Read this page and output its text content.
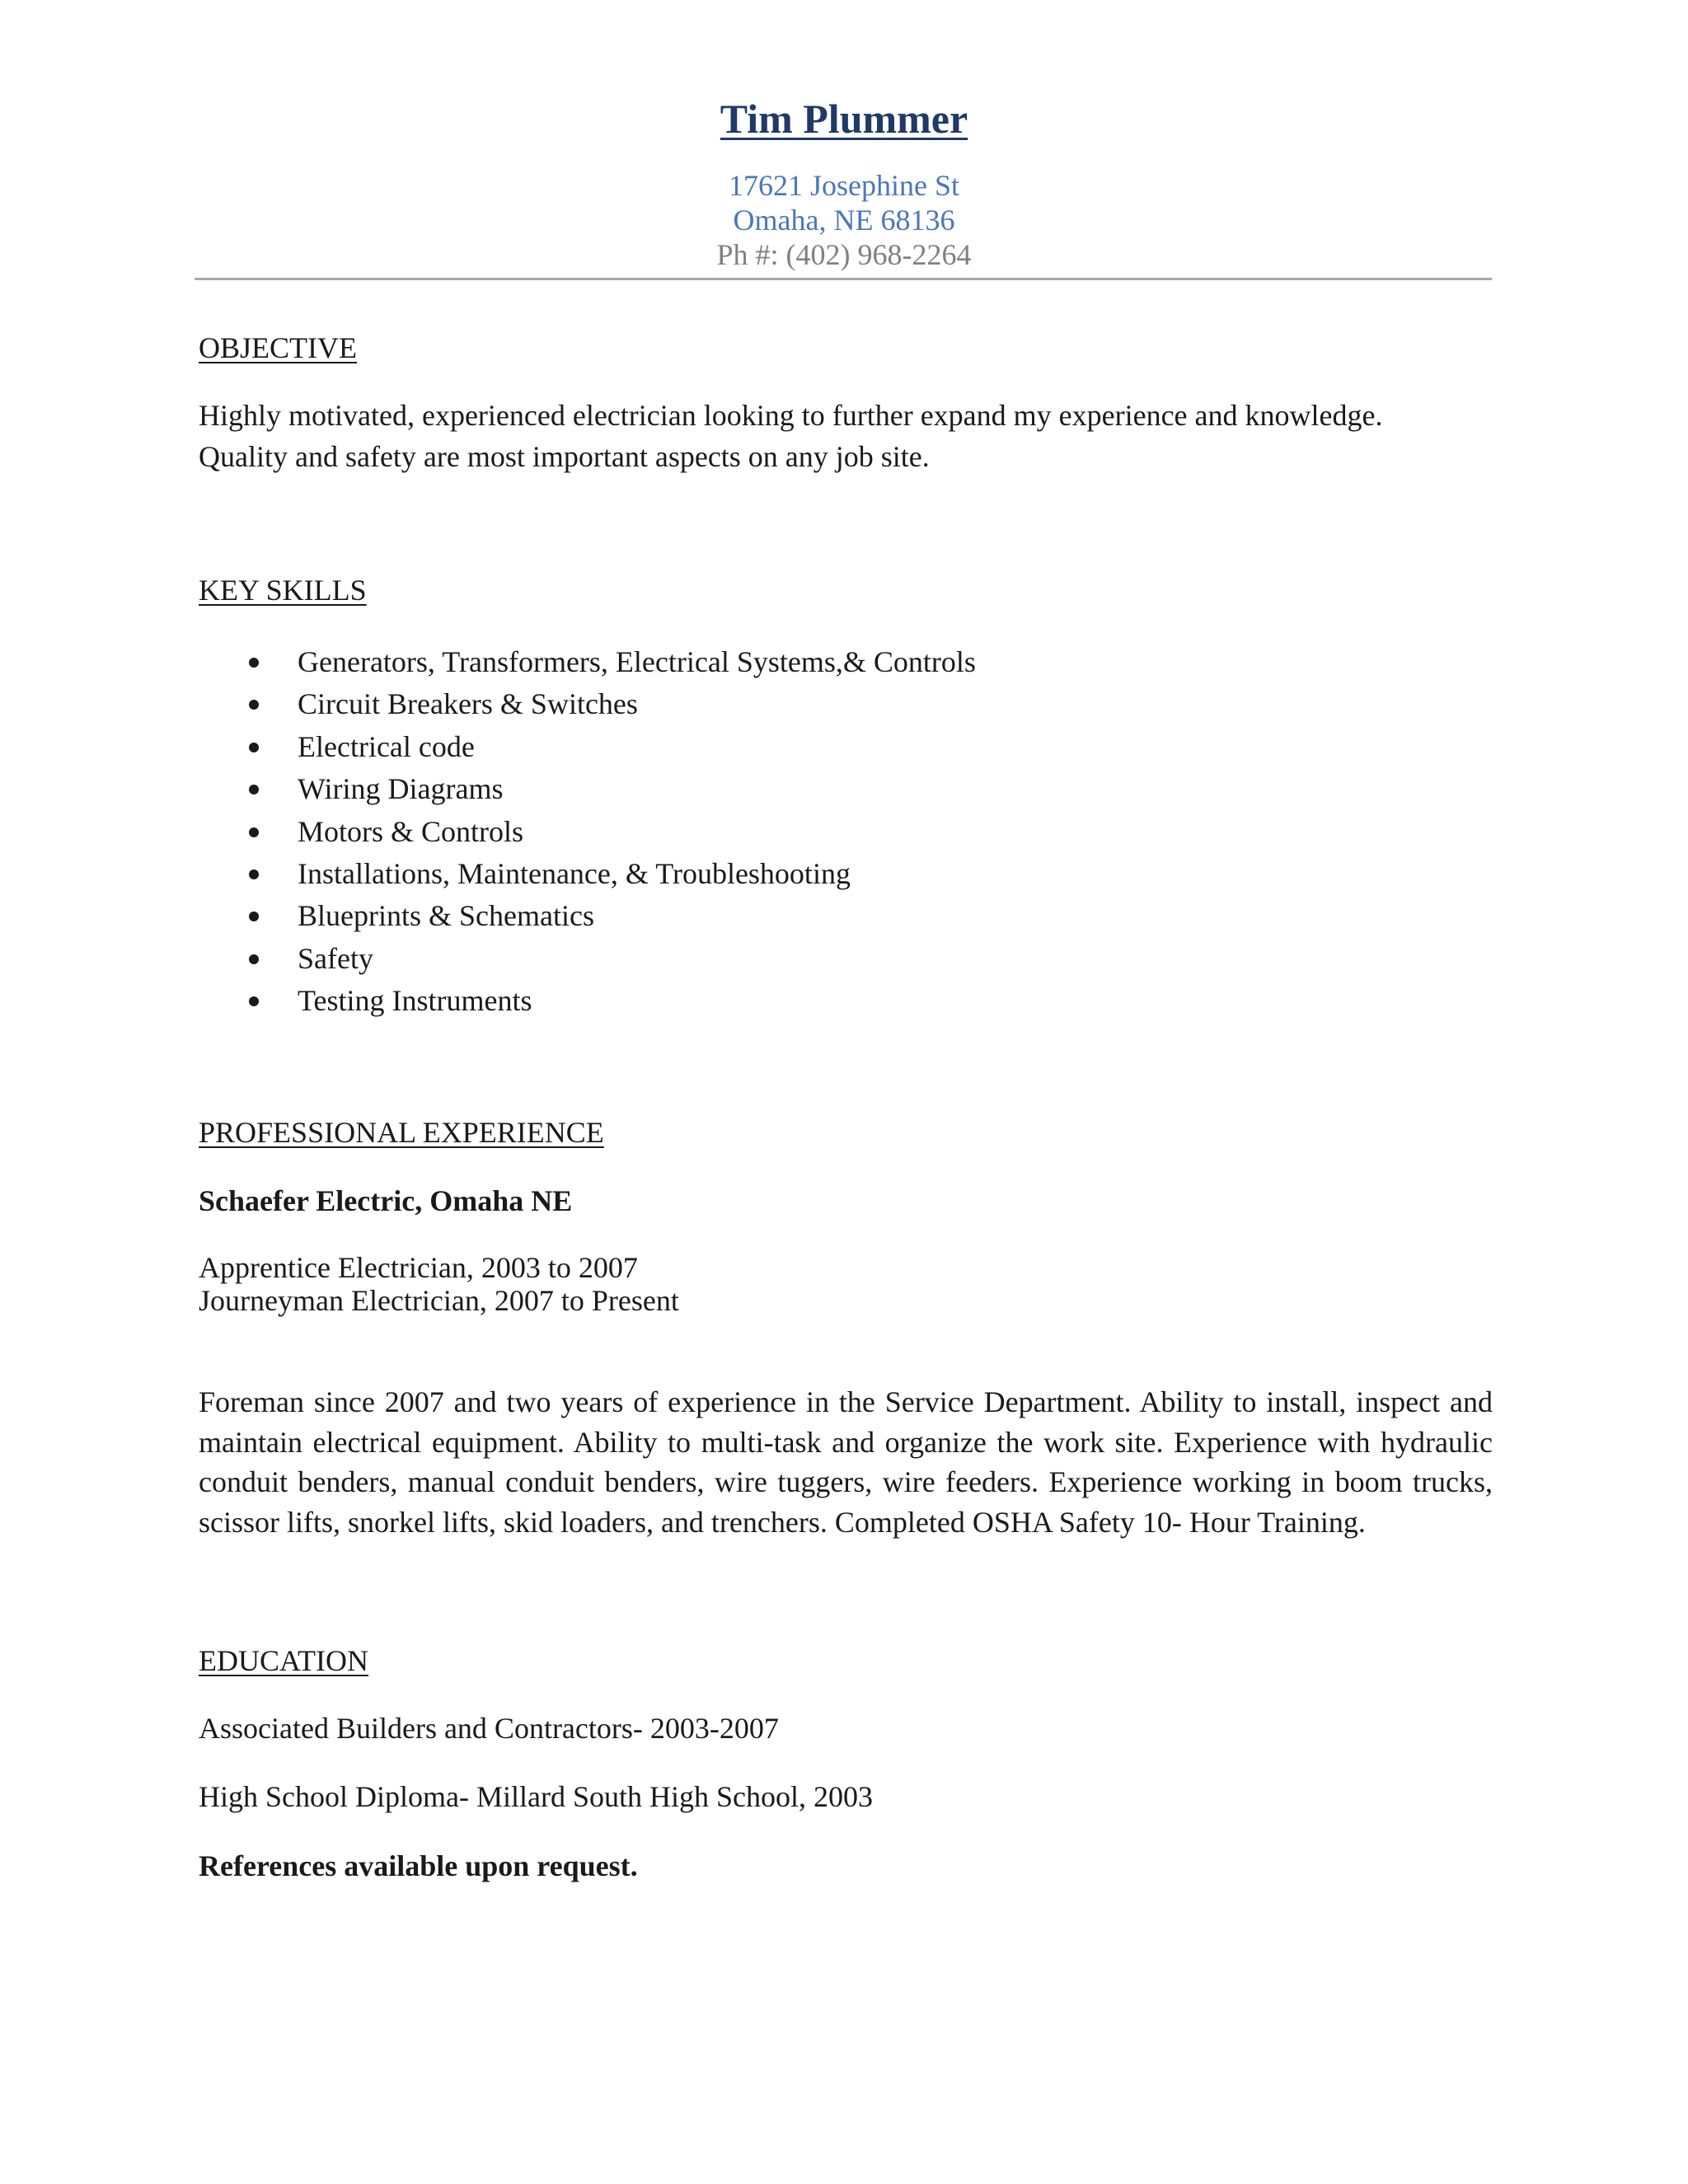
Tim Plummer
17621 Josephine St
Omaha, NE 68136
Ph #: (402) 968-2264
OBJECTIVE
Highly motivated, experienced electrician looking to further expand my experience and knowledge.
Quality and safety are most important aspects on any job site.
KEY SKILLS
Generators, Transformers, Electrical Systems,& Controls
Circuit Breakers & Switches
Electrical code
Wiring Diagrams
Motors & Controls
Installations, Maintenance, & Troubleshooting
Blueprints & Schematics
Safety
Testing Instruments
PROFESSIONAL EXPERIENCE
Schaefer Electric, Omaha NE
Apprentice Electrician, 2003 to 2007
Journeyman Electrician, 2007 to Present
Foreman since 2007 and two years of experience in the Service Department. Ability to install, inspect and maintain electrical equipment. Ability to multi-task and organize the work site. Experience with hydraulic conduit benders, manual conduit benders, wire tuggers, wire feeders. Experience working in boom trucks, scissor lifts, snorkel lifts, skid loaders, and trenchers. Completed OSHA Safety 10- Hour Training.
EDUCATION
Associated Builders and Contractors- 2003-2007
High School Diploma- Millard South High School, 2003
References available upon request.
